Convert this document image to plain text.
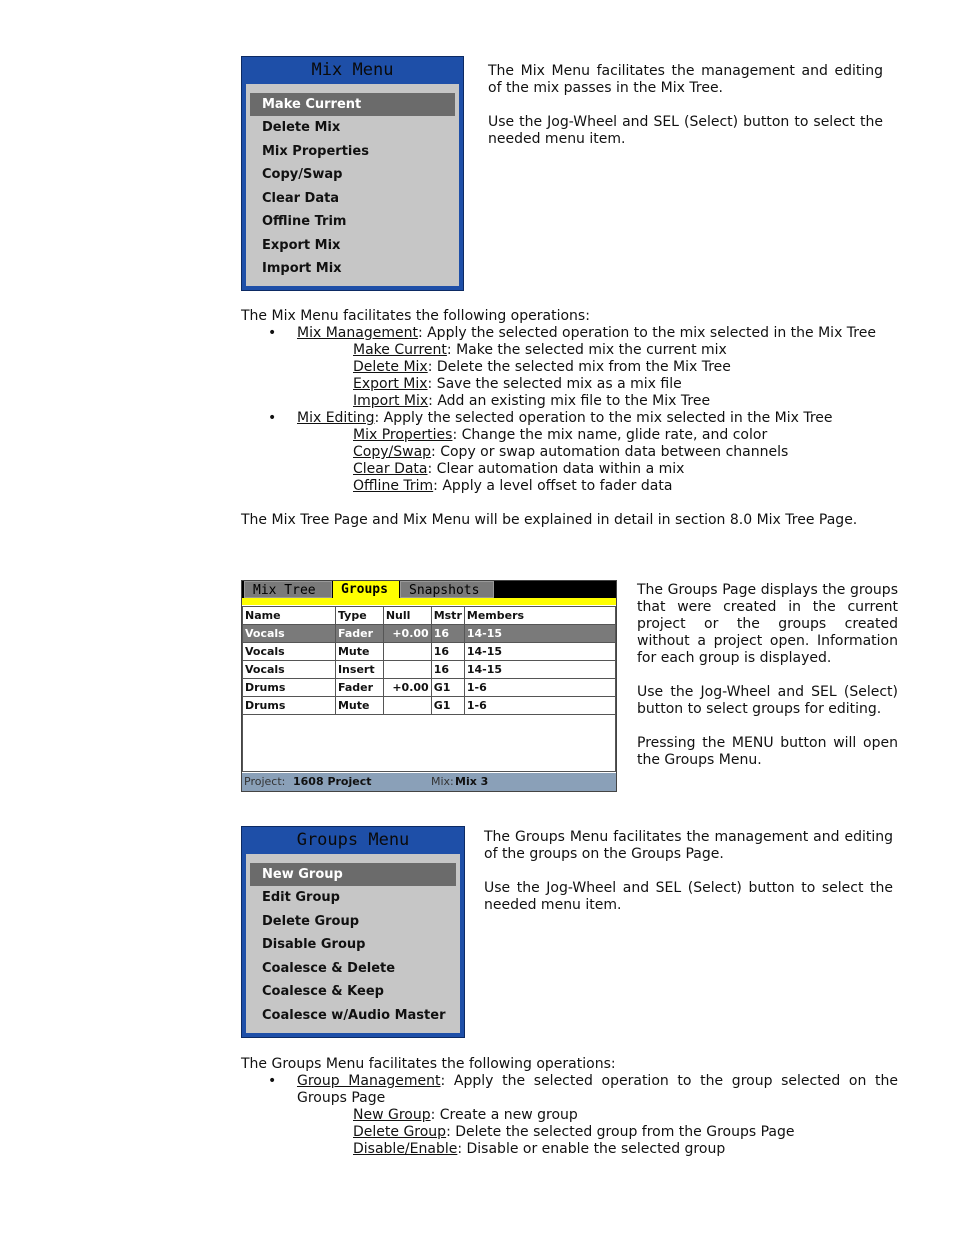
Mix Menu
Make Current
Delete Mix
Mix Properties
Copy/Swap
Clear Data
Offline Trim
Export Mix
Import Mix

The Mix Menu facilitates the management and editing of the mix passes in the Mix Tree.

Use the Jog-Wheel and SEL (Select) button to select the needed menu item.

The Mix Menu facilitates the following operations:

• Mix Management: Apply the selected operation to the mix selected in the Mix Tree
Make Current: Make the selected mix the current mix
Delete Mix: Delete the selected mix from the Mix Tree
Export Mix: Save the selected mix as a mix file
Import Mix: Add an existing mix file to the Mix Tree
• Mix Editing: Apply the selected operation to the mix selected in the Mix Tree
Mix Properties: Change the mix name, glide rate, and color
Copy/Swap: Copy or swap automation data between channels
Clear Data: Clear automation data within a mix
Offline Trim: Apply a level offset to fader data

The Mix Tree Page and Mix Menu will be explained in detail in section 8.0 Mix Tree Page.

Mix Tree	Groups	Snapshots
Name	Type	Null	Mstr	Members
Vocals	Fader	+0.00	16	14-15
Vocals	Mute		16	14-15
Vocals	Insert		16	14-15
Drums	Fader	+0.00	G1	1-6
Drums	Mute		G1	1-6

Project: 1608 Project	Mix: Mix 3

The Groups Page displays the groups that were created in the current project or the groups created without a project open. Information for each group is displayed.

Use the Jog-Wheel and SEL (Select) button to select groups for editing.

Pressing the MENU button will open the Groups Menu.

Groups Menu
New Group
Edit Group
Delete Group
Disable Group
Coalesce & Delete
Coalesce & Keep
Coalesce w/Audio Master

The Groups Menu facilitates the management and editing of the groups on the Groups Page.

Use the Jog-Wheel and SEL (Select) button to select the needed menu item.

The Groups Menu facilitates the following operations:

• Group Management: Apply the selected operation to the group selected on the Groups Page
New Group: Create a new group
Delete Group: Delete the selected group from the Groups Page
Disable/Enable: Disable or enable the selected group
